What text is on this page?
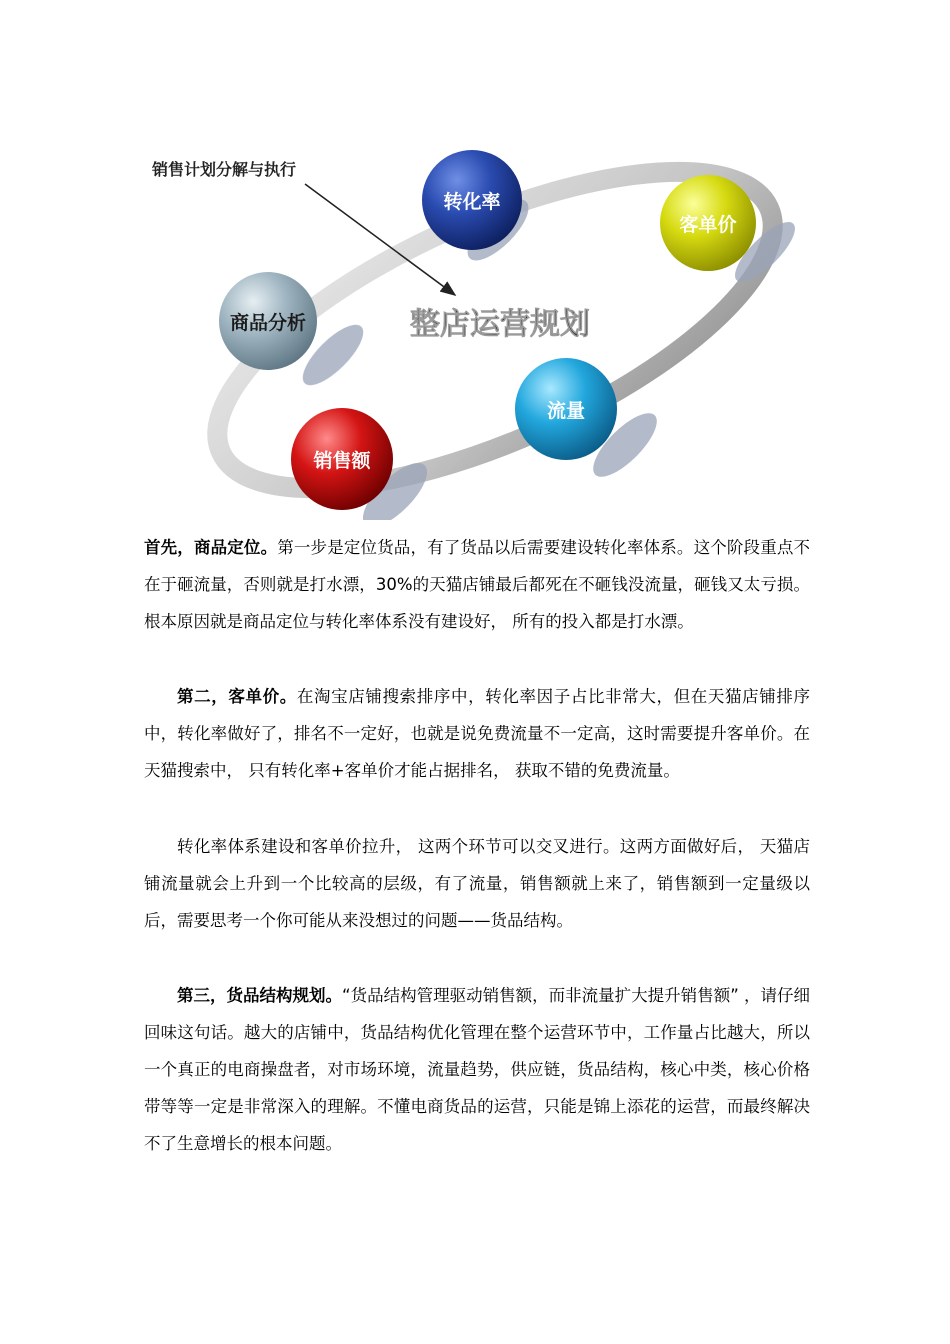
销售计划分解与执行
整店运营规划
转化率
客单价
商品分析
流量
销售额

首先，商品定位。第一步是定位货品，有了货品以后需要建设转化率体系。这个阶段重点不在于砸流量，否则就是打水漂，30%的天猫店铺最后都死在不砸钱没流量，砸钱又太亏损。根本原因就是商品定位与转化率体系没有建设好， 所有的投入都是打水漂。

第二，客单价。在淘宝店铺搜索排序中，转化率因子占比非常大，但在天猫店铺排序中，转化率做好了，排名不一定好，也就是说免费流量不一定高，这时需要提升客单价。在天猫搜索中， 只有转化率+客单价才能占据排名， 获取不错的免费流量。

转化率体系建设和客单价拉升， 这两个环节可以交叉进行。这两方面做好后， 天猫店铺流量就会上升到一个比较高的层级，有了流量，销售额就上来了，销售额到一定量级以后，需要思考一个你可能从来没想过的问题——货品结构。

第三，货品结构规划。“货品结构管理驱动销售额，而非流量扩大提升销售额” ，请仔细回味这句话。越大的店铺中，货品结构优化管理在整个运营环节中，工作量占比越大，所以一个真正的电商操盘者，对市场环境，流量趋势，供应链，货品结构，核心中类，核心价格带等等一定是非常深入的理解。不懂电商货品的运营，只能是锦上添花的运营，而最终解决不了生意增长的根本问题。
